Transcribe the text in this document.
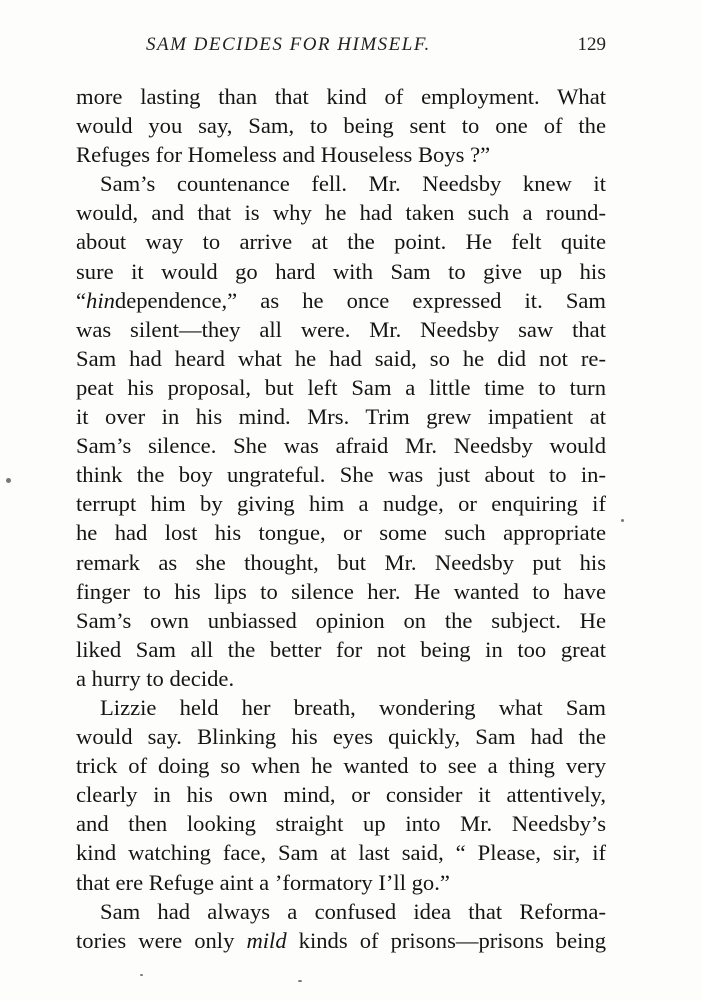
SAM DECIDES FOR HIMSELF.	129
more lasting than that kind of employment. What
would you say, Sam, to being sent to one of the
Refuges for Homeless and Houseless Boys ?”
Sam’s countenance fell. Mr. Needsby knew it
would, and that is why he had taken such a round-
about way to arrive at the point. He felt quite
sure it would go hard with Sam to give up his
“hindependence,” as he once expressed it. Sam
was silent—they all were. Mr. Needsby saw that
Sam had heard what he had said, so he did not re-
peat his proposal, but left Sam a little time to turn
it over in his mind. Mrs. Trim grew impatient at
Sam’s silence. She was afraid Mr. Needsby would
think the boy ungrateful. She was just about to in-
terrupt him by giving him a nudge, or enquiring if
he had lost his tongue, or some such appropriate
remark as she thought, but Mr. Needsby put his
finger to his lips to silence her. He wanted to have
Sam’s own unbiassed opinion on the subject. He
liked Sam all the better for not being in too great
a hurry to decide.
Lizzie held her breath, wondering what Sam
would say. Blinking his eyes quickly, Sam had the
trick of doing so when he wanted to see a thing very
clearly in his own mind, or consider it attentively,
and then looking straight up into Mr. Needsby’s
kind watching face, Sam at last said, “ Please, sir, if
that ere Refuge aint a ’formatory I’ll go.”
Sam had always a confused idea that Reforma-
tories were only mild kinds of prisons—prisons being
